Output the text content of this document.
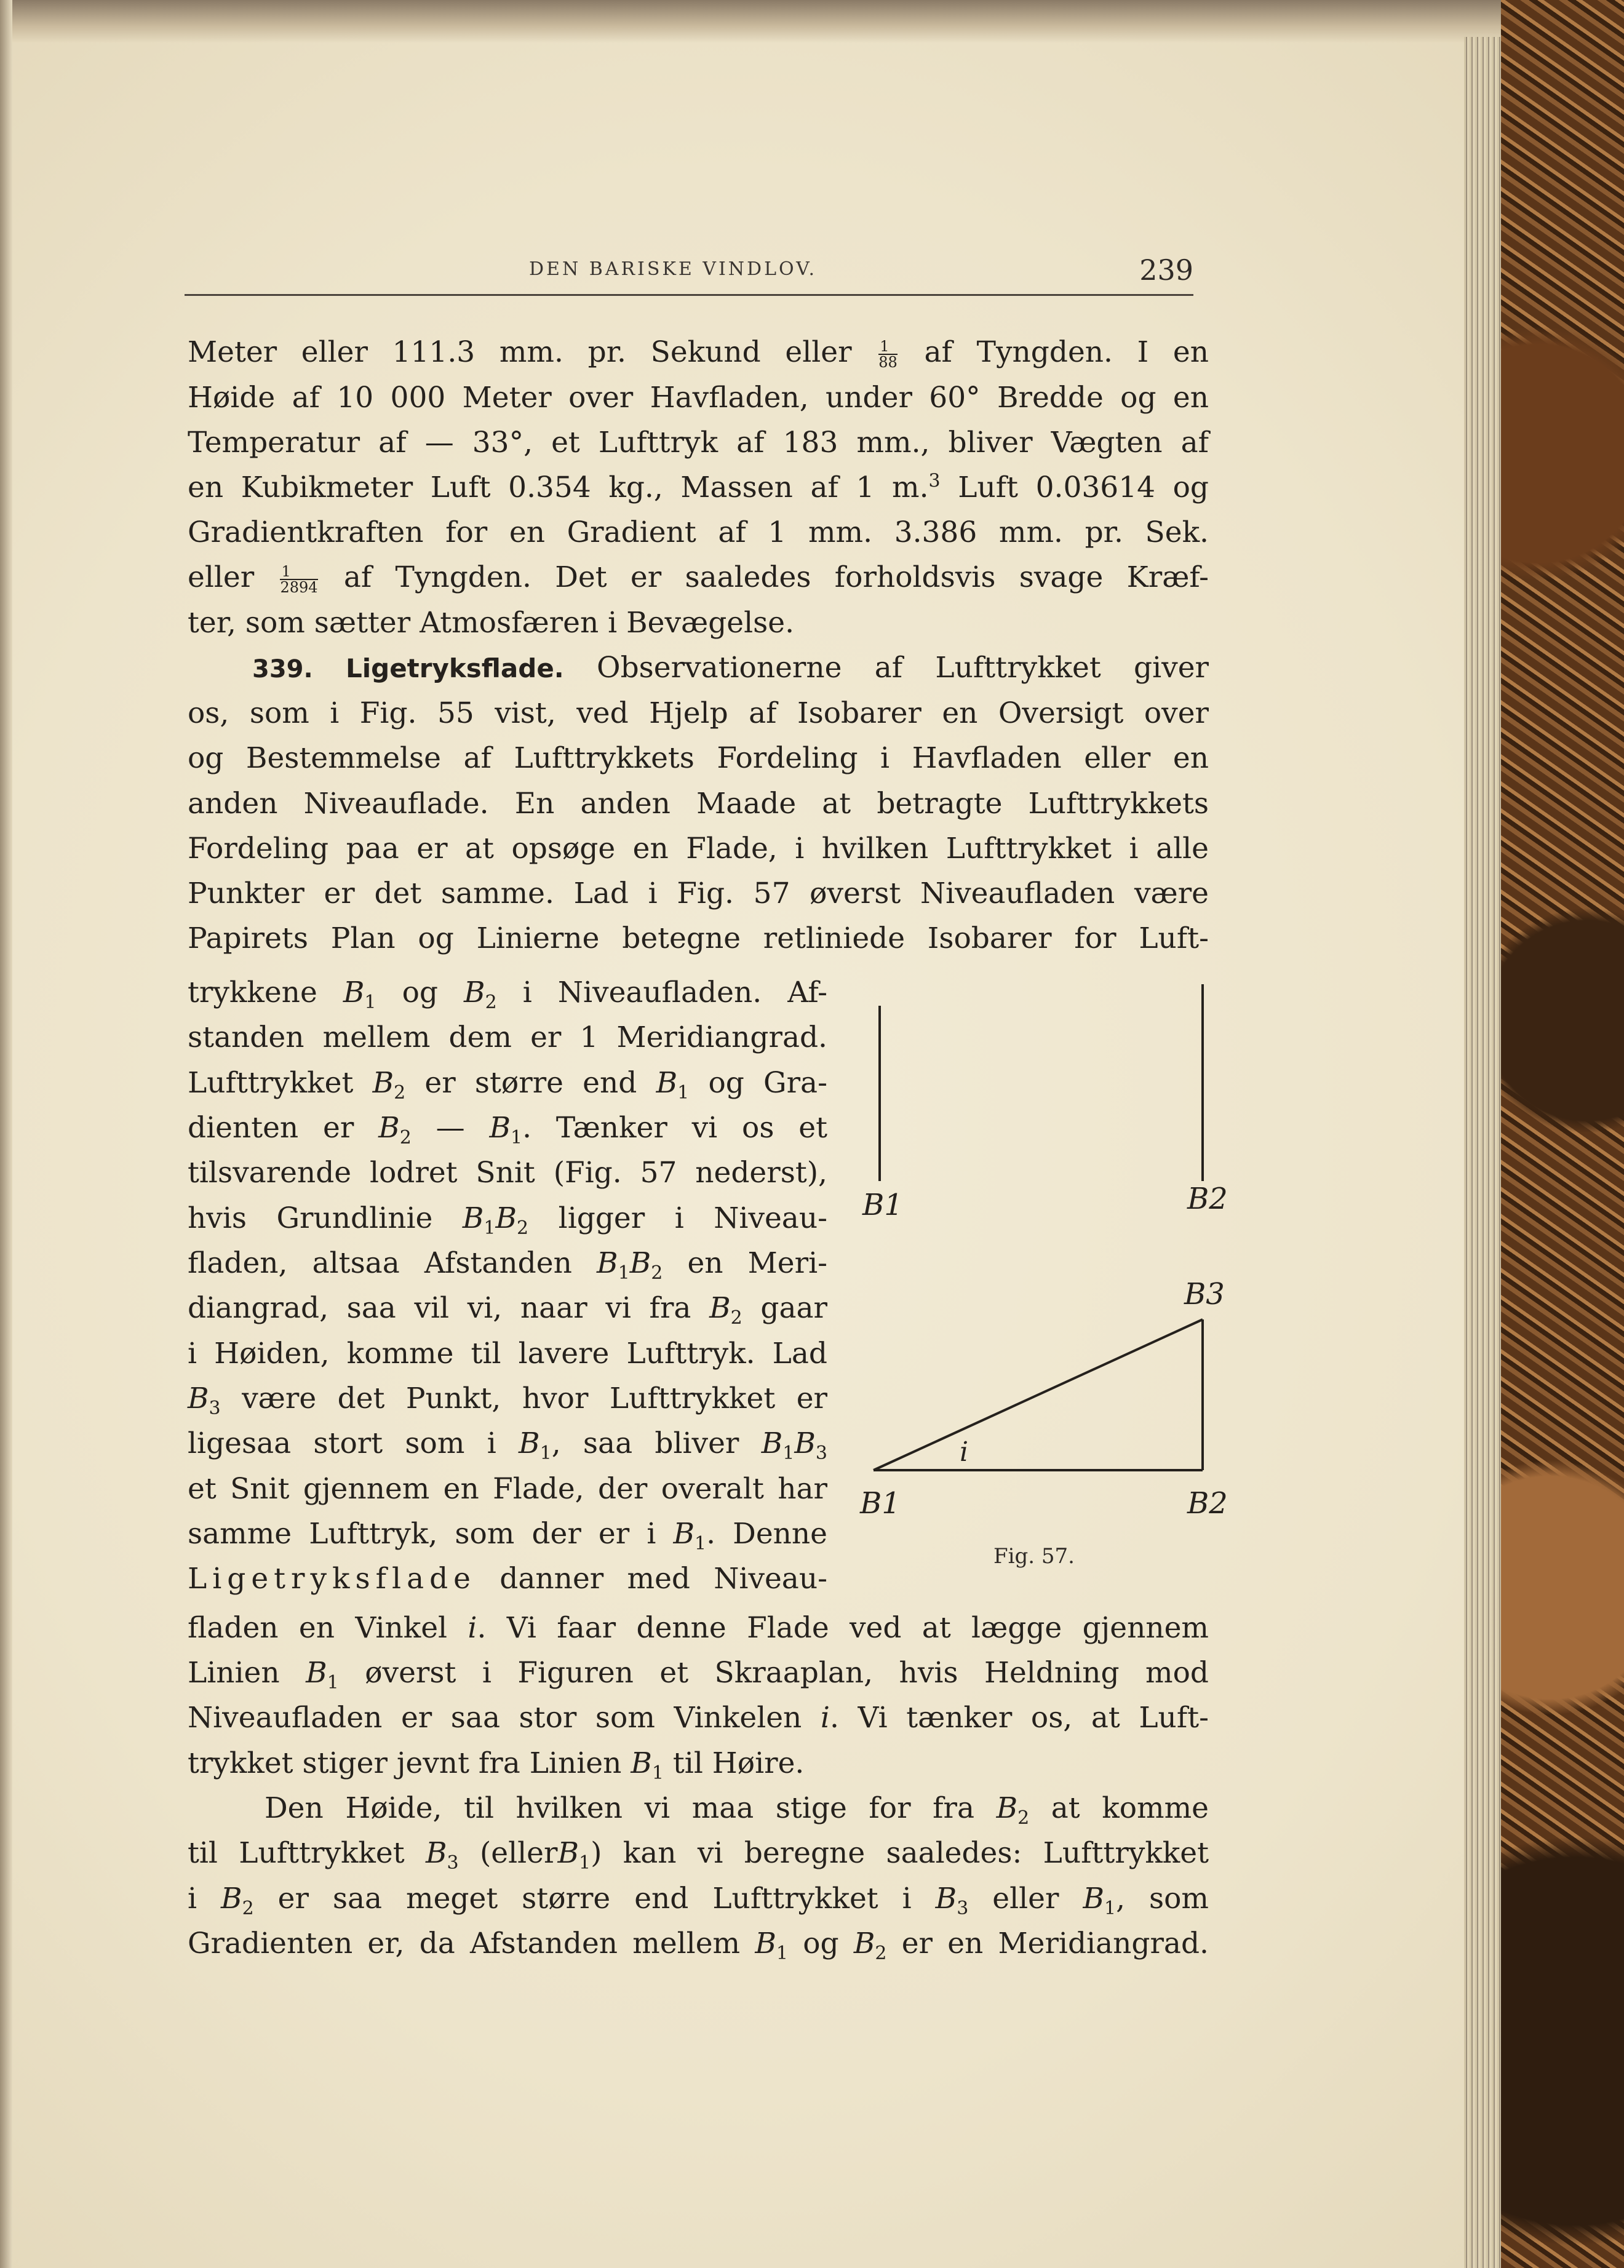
DEN BARISKE VINDLOV.	239
Meter eller 111.3 mm. pr. Sekund eller $\frac{1}{88}$ af Tyngden. I en
Høide af 10 000 Meter over Havfladen, under 60° Bredde og en
Temperatur af — 33°, et Lufttryk af 183 mm., bliver Vægten af
en Kubikmeter Luft 0.354 kg., Massen af 1 m.$^3$ Luft 0.03614 og
Gradientkraften for en Gradient af 1 mm. 3.386 mm. pr. Sek.
eller $\frac{1}{2894}$ af Tyngden. Det er saaledes forholdsvis svage Kræf-
ter, som sætter Atmosfæren i Bevægelse.
339. Ligetryksflade. Observationerne af Lufttrykket giver
os, som i Fig. 55 vist, ved Hjelp af Isobarer en Oversigt over
og Bestemmelse af Lufttrykkets Fordeling i Havfladen eller en
anden Niveauflade. En anden Maade at betragte Lufttrykkets
Fordeling paa er at opsøge en Flade, i hvilken Lufttrykket i alle
Punkter er det samme. Lad i Fig. 57 øverst Niveaufladen være
Papirets Plan og Linierne betegne retliniede Isobarer for Luft-
trykkene $B_1$ og $B_2$ i Niveaufladen. Af-
standen mellem dem er 1 Meridiangrad.
Lufttrykket $B_2$ er større end $B_1$ og Gra-
dienten er $B_2$ — $B_1$. Tænker vi os et
tilsvarende lodret Snit (Fig. 57 nederst),
hvis Grundlinie $B_1B_2$ ligger i Niveau-
fladen, altsaa Afstanden $B_1B_2$ en Meri-
diangrad, saa vil vi, naar vi fra $B_2$ gaar
i Høiden, komme til lavere Lufttryk. Lad
$B_3$ være det Punkt, hvor Lufttrykket er
ligesaa stort som i $B_1$, saa bliver $B_1B_3$
et Snit gjennem en Flade, der overalt har
samme Lufttryk, som der er i $B_1$. Denne
Ligetryksflade danner med Niveau-
fladen en Vinkel i. Vi faar denne Flade ved at lægge gjennem
Linien $B_1$ øverst i Figuren et Skraaplan, hvis Heldning mod
Niveaufladen er saa stor som Vinkelen i. Vi tænker os, at Luft-
trykket stiger jevnt fra Linien $B_1$ til Høire.
Den Høide, til hvilken vi maa stige for fra $B_2$ at komme
til Lufttrykket $B_3$ (ellerB$_1$) kan vi beregne saaledes: Lufttrykket
i $B_2$ er saa meget større end Lufttrykket i $B_3$ eller $B_1$, som
Gradienten er, da Afstanden mellem $B_1$ og $B_2$ er en Meridiangrad.
B1	B2
B3
B1	B2
i
Fig. 57.
